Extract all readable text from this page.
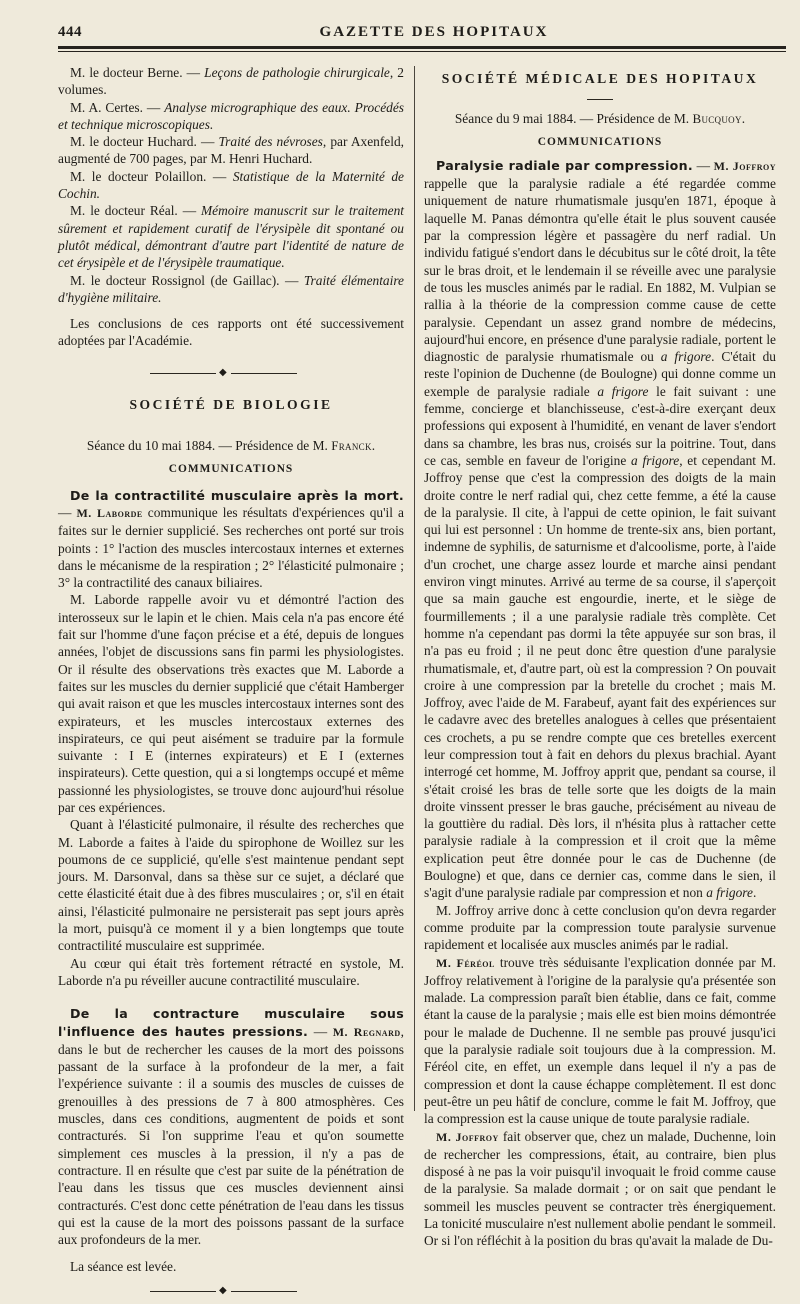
444	GAZETTE DES HOPITAUX

M. le docteur Berne. — Leçons de pathologie chirurgicale, 2 volumes.

M. A. Certes. — Analyse micrographique des eaux. Procédés et technique microscopiques.

M. le docteur Huchard. — Traité des névroses, par Axenfeld, augmenté de 700 pages, par M. Henri Huchard.

M. le docteur Polaillon. — Statistique de la Maternité de Cochin.

M. le docteur Réal. — Mémoire manuscrit sur le traitement sûrement et rapidement curatif de l'érysipèle dit spontané ou plutôt médical, démontrant d'autre part l'identité de nature de cet érysipèle et de l'érysipèle traumatique.

M. le docteur Rossignol (de Gaillac). — Traité élémentaire d'hygiène militaire.

Les conclusions de ces rapports ont été successivement adoptées par l'Académie.

◆

SOCIÉTÉ DE BIOLOGIE

Séance du 10 mai 1884. — Présidence de M. Franck.

COMMUNICATIONS

De la contractilité musculaire après la mort. — M. Laborde communique les résultats d'expériences qu'il a faites sur le dernier supplicié. Ses recherches ont porté sur trois points : 1° l'action des muscles intercostaux internes et externes dans le mécanisme de la respiration ; 2° l'élasticité pulmonaire ; 3° la contractilité des canaux biliaires.

M. Laborde rappelle avoir vu et démontré l'action des interosseux sur le lapin et le chien. Mais cela n'a pas encore été fait sur l'homme d'une façon précise et a été, depuis de longues années, l'objet de discussions sans fin parmi les physiologistes. Or il résulte des observations très exactes que M. Laborde a faites sur les muscles du dernier supplicié que c'était Hamberger qui avait raison et que les muscles intercostaux internes sont des expirateurs, et les muscles intercostaux externes des inspirateurs, ce qui peut aisément se traduire par la formule suivante : I E (internes expirateurs) et E I (externes inspirateurs). Cette question, qui a si longtemps occupé et même passionné les physiologistes, se trouve donc aujourd'hui résolue par ces expériences.

Quant à l'élasticité pulmonaire, il résulte des recherches que M. Laborde a faites à l'aide du spirophone de Woillez sur les poumons de ce supplicié, qu'elle s'est maintenue pendant sept jours. M. Darsonval, dans sa thèse sur ce sujet, a déclaré que cette élasticité était due à des fibres musculaires ; or, s'il en était ainsi, l'élasticité pulmonaire ne persisterait pas sept jours après la mort, puisqu'à ce moment il y a bien longtemps que toute contractilité musculaire est supprimée.

Au cœur qui était très fortement rétracté en systole, M. Laborde n'a pu réveiller aucune contractilité musculaire.

De la contracture musculaire sous l'influence des hautes pressions. — M. Regnard, dans le but de rechercher les causes de la mort des poissons passant de la surface à la profondeur de la mer, a fait l'expérience suivante : il a soumis des muscles de cuisses de grenouilles à des pressions de 7 à 800 atmosphères. Ces muscles, dans ces conditions, augmentent de poids et sont contracturés. Si l'on supprime l'eau et qu'on soumette simplement ces muscles à la pression, il n'y a pas de contracture. Il en résulte que c'est par suite de la pénétration de l'eau dans les tissus que ces muscles deviennent ainsi contracturés. C'est donc cette pénétration de l'eau dans les tissus qui est la cause de la mort des poissons passant de la surface aux profondeurs de la mer.

La séance est levée.

◆

SOCIÉTÉ MÉDICALE DES HOPITAUX

Séance du 9 mai 1884. — Présidence de M. Bucquoy.

COMMUNICATIONS

Paralysie radiale par compression. — M. Joffroy rappelle que la paralysie radiale a été regardée comme uniquement de nature rhumatismale jusqu'en 1871, époque à laquelle M. Panas démontra qu'elle était le plus souvent causée par la compression légère et passagère du nerf radial. Un individu fatigué s'endort dans le décubitus sur le côté droit, la tête sur le bras droit, et le lendemain il se réveille avec une paralysie de tous les muscles animés par le radial. En 1882, M. Vulpian se rallia à la théorie de la compression comme cause de cette paralysie. Cependant un assez grand nombre de médecins, aujourd'hui encore, en présence d'une paralysie radiale, portent le diagnostic de paralysie rhumatismale ou a frigore. C'était du reste l'opinion de Duchenne (de Boulogne) qui donne comme un exemple de paralysie radiale a frigore le fait suivant : une femme, concierge et blanchisseuse, c'est-à-dire exerçant deux professions qui exposent à l'humidité, en venant de laver s'endort dans sa chambre, les bras nus, croisés sur la poitrine. Tout, dans ce cas, semble en faveur de l'origine a frigore, et cependant M. Joffroy pense que c'est la compression des doigts de la main droite contre le nerf radial qui, chez cette femme, a été la cause de la paralysie. Il cite, à l'appui de cette opinion, le fait suivant qui lui est personnel : Un homme de trente-six ans, bien portant, indemne de syphilis, de saturnisme et d'alcoolisme, porte, à l'aide d'un crochet, une charge assez lourde et marche ainsi pendant environ vingt minutes. Arrivé au terme de sa course, il s'aperçoit que sa main gauche est engourdie, inerte, et le siège de fourmillements ; il a une paralysie radiale très complète. Cet homme n'a cependant pas dormi la tête appuyée sur son bras, il n'a pas eu froid ; il ne peut donc être question d'une paralysie rhumatismale, et, d'autre part, où est la compression ? On pouvait croire à une compression par la bretelle du crochet ; mais M. Joffroy, avec l'aide de M. Farabeuf, ayant fait des expériences sur le cadavre avec des bretelles analogues à celles que présentaient ces crochets, a pu se rendre compte que ces bretelles exercent leur compression tout à fait en dehors du plexus brachial. Ayant interrogé cet homme, M. Joffroy apprit que, pendant sa course, il s'était croisé les bras de telle sorte que les doigts de la main droite vinssent presser le bras gauche, précisément au niveau de la gouttière du radial. Dès lors, il n'hésita plus à rattacher cette paralysie radiale à la compression et il croit que la même explication peut être donnée pour le cas de Duchenne (de Boulogne) et que, dans ce dernier cas, comme dans le sien, il s'agit d'une paralysie radiale par compression et non a frigore.

M. Joffroy arrive donc à cette conclusion qu'on devra regarder comme produite par la compression toute paralysie survenue rapidement et localisée aux muscles animés par le radial.

M. Féréol trouve très séduisante l'explication donnée par M. Joffroy relativement à l'origine de la paralysie qu'a présentée son malade. La compression paraît bien établie, dans ce fait, comme étant la cause de la paralysie ; mais elle est bien moins démontrée pour le malade de Duchenne. Il ne semble pas prouvé jusqu'ici que la paralysie radiale soit toujours due à la compression. M. Féréol cite, en effet, un exemple dans lequel il n'y a pas de compression et dont la cause échappe complètement. Il est donc peut-être un peu hâtif de conclure, comme le fait M. Joffroy, que la compression est la cause unique de toute paralysie radiale.

M. Joffroy fait observer que, chez un malade, Duchenne, loin de rechercher les compressions, était, au contraire, bien plus disposé à ne pas la voir puisqu'il invoquait le froid comme cause de la paralysie. Sa malade dormait ; or on sait que pendant le sommeil les muscles peuvent se contracter très énergiquement. La tonicité musculaire n'est nullement abolie pendant le sommeil. Or si l'on réfléchit à la position du bras qu'avait la malade de Du-
